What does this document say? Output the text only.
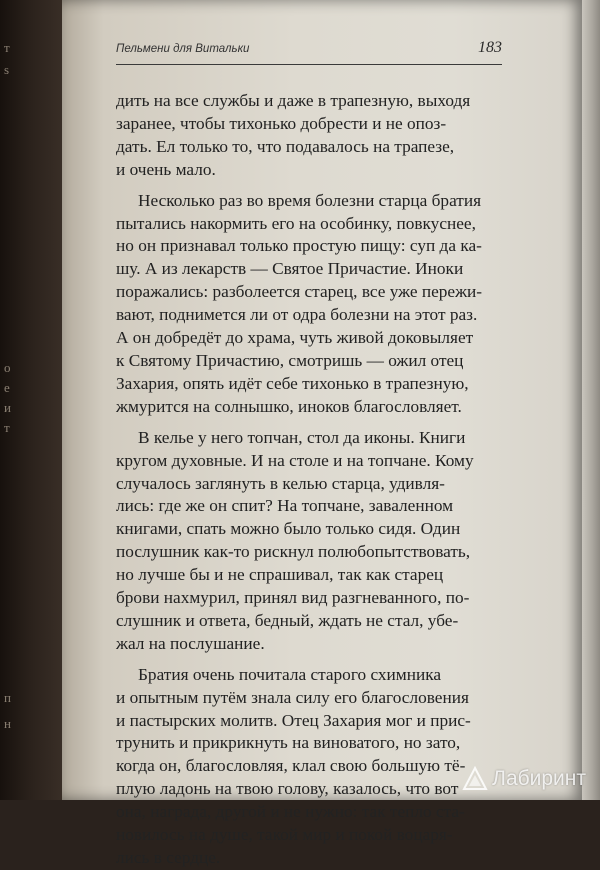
т
s
о
е
и
т
п
н
Пельмени для Витальки	183

дить на все службы и даже в трапезную, выходя
заранее, чтобы тихонько добрести и не опоз-
дать. Ел только то, что подавалось на трапезе,
и очень мало.

Несколько раз во время болезни старца братия
пытались накормить его на особинку, повкуснее,
но он признавал только простую пищу: суп да ка-
шу. А из лекарств — Святое Причастие. Иноки
поражались: разболеется старец, все уже пережи-
вают, поднимется ли от одра болезни на этот раз.
А он добредёт до храма, чуть живой доковыляет
к Святому Причастию, смотришь — ожил отец
Захария, опять идёт себе тихонько в трапезную,
жмурится на солнышко, иноков благословляет.

В келье у него топчан, стол да иконы. Книги
кругом духовные. И на столе и на топчане. Кому
случалось заглянуть в келью старца, удивля-
лись: где же он спит? На топчане, заваленном
книгами, спать можно было только сидя. Один
послушник как-то рискнул полюбопытствовать,
но лучше бы и не спрашивал, так как старец
брови нахмурил, принял вид разгневанного, по-
слушник и ответа, бедный, ждать не стал, убе-
жал на послушание.

Братия очень почитала старого схимника
и опытным путём знала силу его благословения
и пастырских молитв. Отец Захария мог и прис-
трунить и прикрикнуть на виноватого, но зато,
когда он, благословляя, клал свою большую тё-
плую ладонь на твою голову, казалось, что вот
она, награда, другой и не нужно: так тепло ста-
новилось на душе, такой мир и покой воцаря-
лись в сердце.

Лабиринт
